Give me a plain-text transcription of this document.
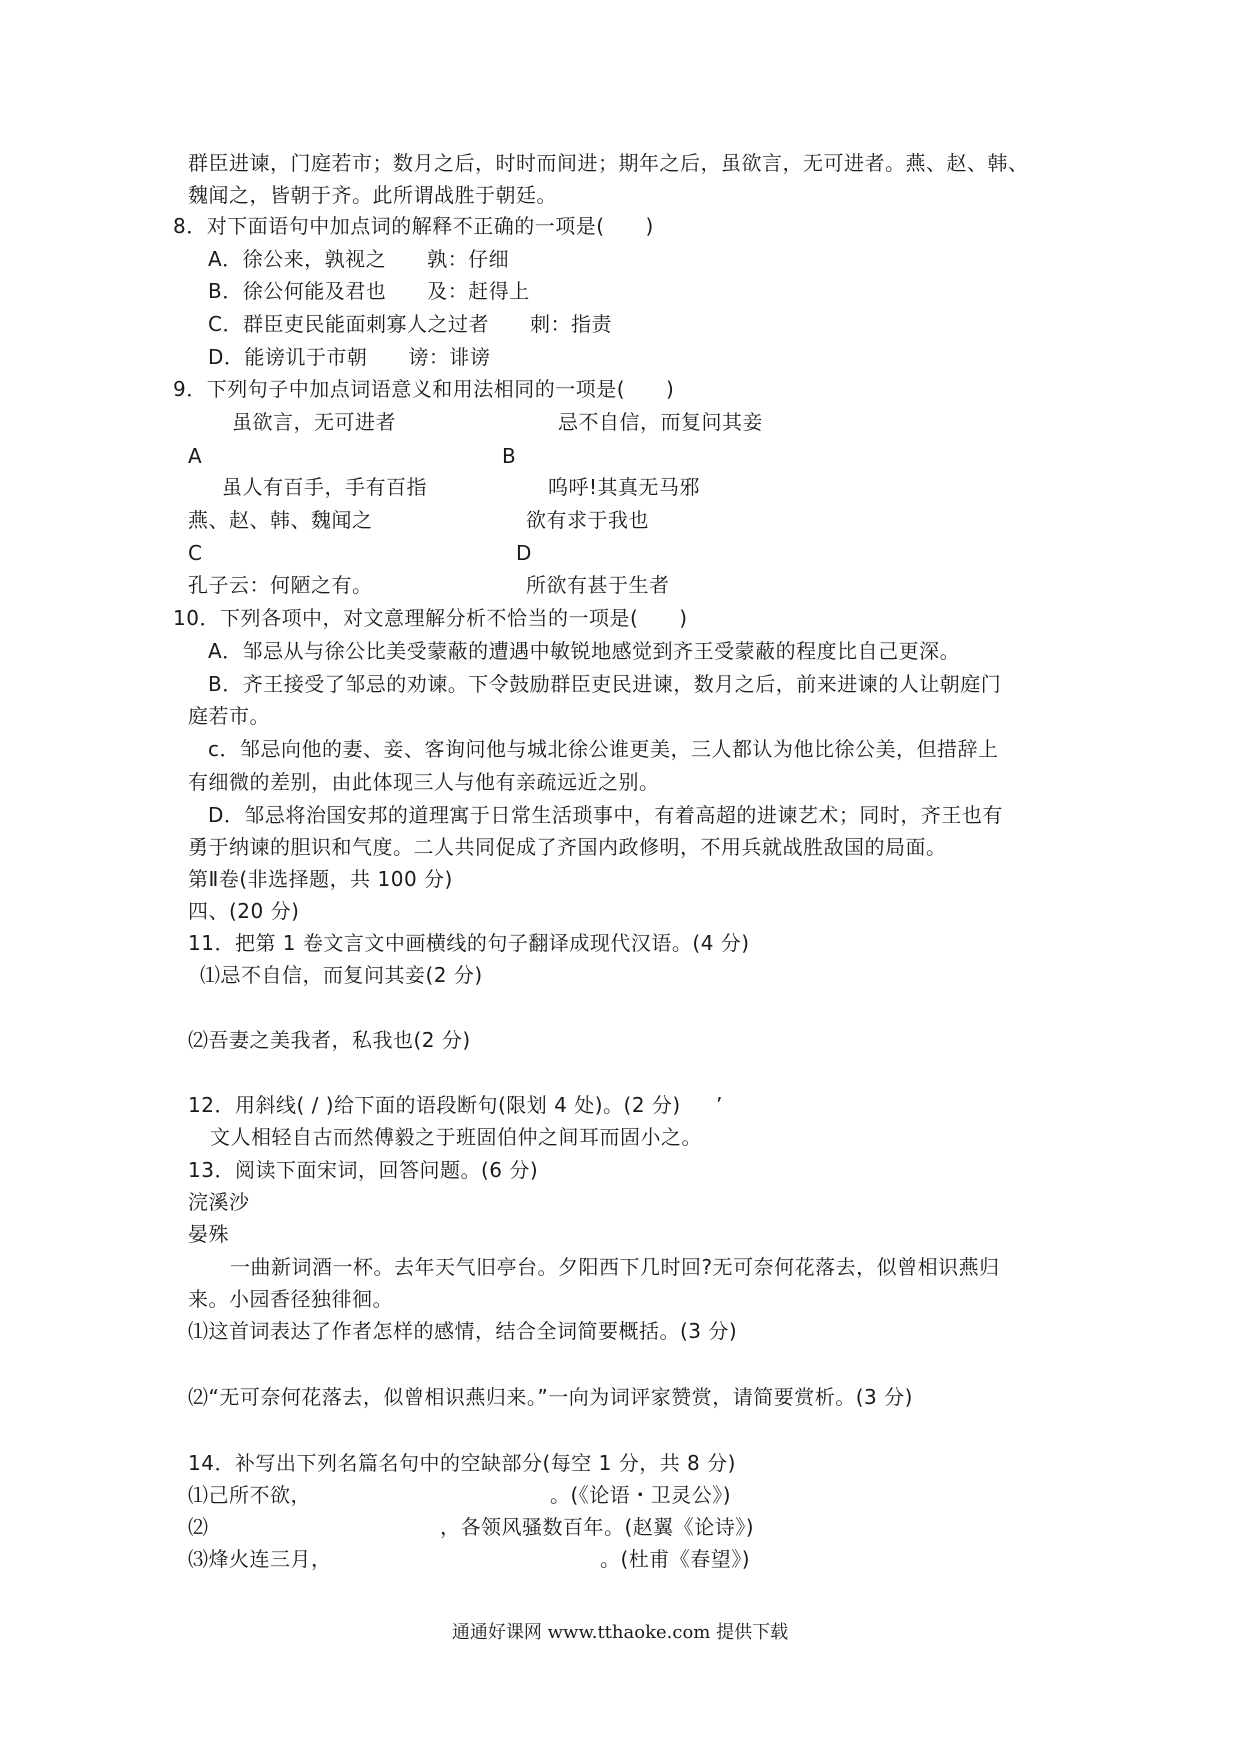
群臣进谏，门庭若市；数月之后，时时而间进；期年之后，虽欲言，无可进者。燕、赵、韩、
魏闻之，皆朝于齐。此所谓战胜于朝廷。
8．对下面语句中加点词的解释不正确的一项是(　　)
A．徐公来，孰视之　　孰：仔细
B．徐公何能及君也　　及：赶得上
C．群臣吏民能面刺寡人之过者　　刺：指责
D．能谤讥于市朝　　谤：诽谤
9．下列句子中加点词语意义和用法相同的一项是(　　)
虽欲言，无可进者	忌不自信，而复问其妾
A	B
虽人有百手，手有百指	呜呼!其真无马邪
燕、赵、韩、魏闻之	欲有求于我也
C	D
孔子云：何陋之有。	所欲有甚于生者
10．下列各项中，对文意理解分析不恰当的一项是(　　)
A．邹忌从与徐公比美受蒙蔽的遭遇中敏锐地感觉到齐王受蒙蔽的程度比自己更深。
B．齐王接受了邹忌的劝谏。下令鼓励群臣吏民进谏，数月之后，前来进谏的人让朝庭门
庭若市。
c．邹忌向他的妻、妾、客询问他与城北徐公谁更美，三人都认为他比徐公美，但措辞上
有细微的差别，由此体现三人与他有亲疏远近之别。
D．邹忌将治国安邦的道理寓于日常生活琐事中，有着高超的进谏艺术；同时，齐王也有
勇于纳谏的胆识和气度。二人共同促成了齐国内政修明，不用兵就战胜敌国的局面。
第Ⅱ卷(非选择题，共 100 分)
四、(20 分)
11．把第 1 卷文言文中画横线的句子翻译成现代汉语。(4 分)
⑴忌不自信，而复问其妾(2 分)
⑵吾妻之美我者，私我也(2 分)
12．用斜线( / )给下面的语段断句(限划 4 处)。(2 分) ’
文人相轻自古而然傅毅之于班固伯仲之间耳而固小之。
13．阅读下面宋词，回答问题。(6 分)
浣溪沙
晏殊
一曲新词酒一杯。去年天气旧亭台。夕阳西下几时回?无可奈何花落去，似曾相识燕归
来。小园香径独徘徊。
⑴这首词表达了作者怎样的感情，结合全词简要概括。(3 分)
⑵“无可奈何花落去，似曾相识燕归来。”一向为词评家赞赏，请简要赏析。(3 分)
14．补写出下列名篇名句中的空缺部分(每空 1 分，共 8 分)
⑴己所不欲，	。(《论语・卫灵公》)
⑵	，各领风骚数百年。(赵翼《论诗》)
⑶烽火连三月，	。(杜甫《春望》)
通通好课网 www.tthaoke.com 提供下载
